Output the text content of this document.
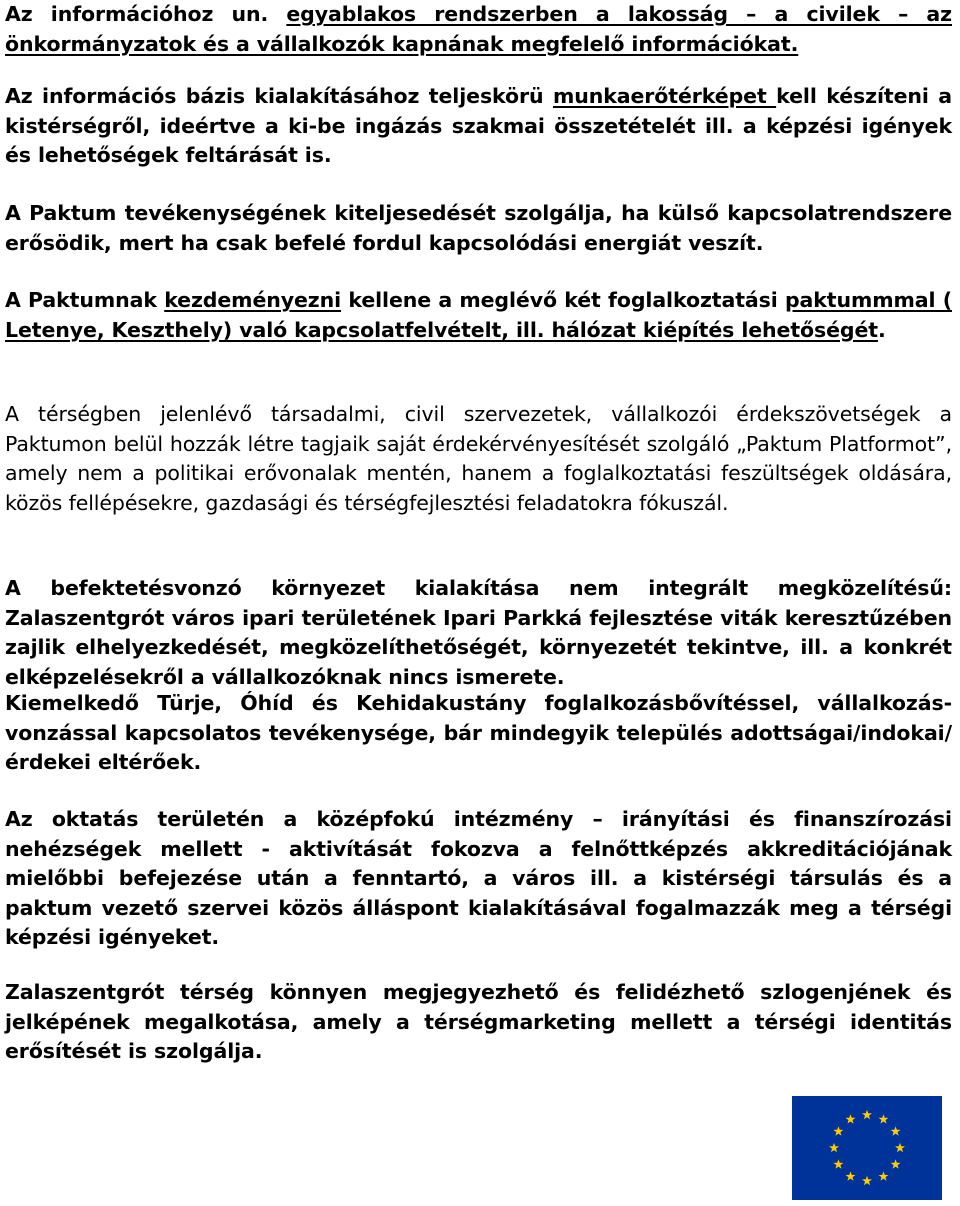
Az információhoz un. egyablakos rendszerben a lakosság – a civilek – az önkormányzatok és a vállalkozók kapnának megfelelő információkat.

Az információs bázis kialakításához teljeskörü munkaerőtérképet kell készíteni a kistérségről, ideértve a ki-be ingázás szakmai összetételét ill. a képzési igények és lehetőségek feltárását is.

A Paktum tevékenységének kiteljesedését szolgálja, ha külső kapcsolatrendszere erősödik, mert ha csak befelé fordul kapcsolódási energiát veszít.

A Paktumnak kezdeményezni kellene a meglévő két foglalkoztatási paktummmal ( Letenye, Keszthely) való kapcsolatfelvételt, ill. hálózat kiépítés lehetőségét.

A térségben jelenlévő társadalmi, civil szervezetek, vállalkozói érdekszövetségek a Paktumon belül hozzák létre tagjaik saját érdekérvényesítését szolgáló „Paktum Platformot”, amely nem a politikai erővonalak mentén, hanem a foglalkoztatási feszültségek oldására, közös fellépésekre, gazdasági és térségfejlesztési feladatokra fókuszál.

A befektetésvonzó környezet kialakítása nem integrált megközelítésű: Zalaszentgrót város ipari területének Ipari Parkká fejlesztése viták keresztűzében zajlik elhelyezkedését, megközelíthetőségét, környezetét tekintve, ill. a konkrét elképzelésekről a vállalkozóknak nincs ismerete.

Kiemelkedő Türje, Óhíd és Kehidakustány foglalkozásbővítéssel, vállalkozás-vonzással kapcsolatos tevékenysége, bár mindegyik település adottságai/indokai/érdekei eltérőek.

Az oktatás területén a középfokú intézmény – irányítási és finanszírozási nehézségek mellett - aktivítását fokozva a felnőttképzés akkreditációjának mielőbbi befejezése után a fenntartó, a város ill. a kistérségi társulás és a paktum vezető szervei közös álláspont kialakításával fogalmazzák meg a térségi képzési igényeket.

Zalaszentgrót térség könnyen megjegyezhető és felidézhető szlogenjének és jelképének megalkotása, amely a térségmarketing mellett a térségi identitás erősítését is szolgálja.
